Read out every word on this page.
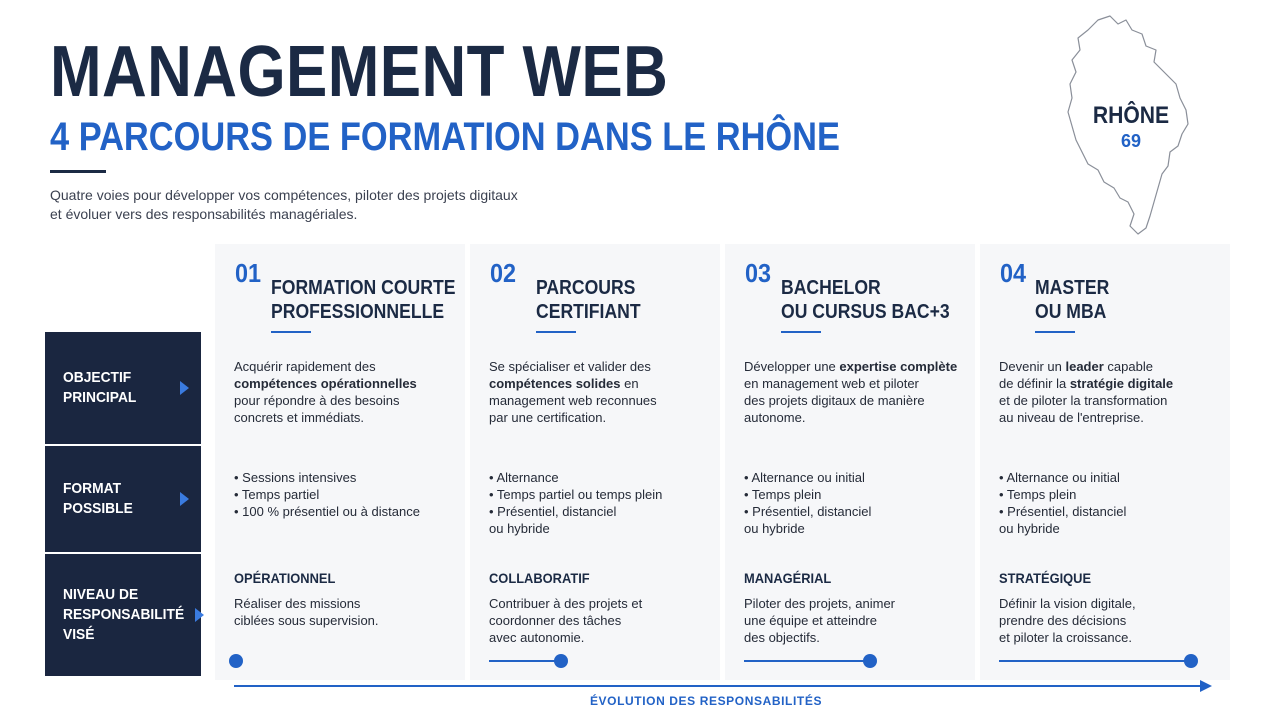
MANAGEMENT WEB
4 PARCOURS DE FORMATION DANS LE RHÔNE
Quatre voies pour développer vos compétences, piloter des projets digitaux
et évoluer vers des responsabilités managériales.
RHÔNE
69
OBJECTIF
PRINCIPAL
FORMAT
POSSIBLE
NIVEAU DE
RESPONSABILITÉ
VISÉ
01 FORMATION COURTE
PROFESSIONNELLE
Acquérir rapidement des
compétences opérationnelles
pour répondre à des besoins
concrets et immédiats.
• Sessions intensives
• Temps partiel
• 100 % présentiel ou à distance
OPÉRATIONNEL
Réaliser des missions
ciblées sous supervision.
02 PARCOURS
CERTIFIANT
Se spécialiser et valider des
compétences solides en
management web reconnues
par une certification.
• Alternance
• Temps partiel ou temps plein
• Présentiel, distanciel
ou hybride
COLLABORATIF
Contribuer à des projets et
coordonner des tâches
avec autonomie.
03 BACHELOR
OU CURSUS BAC+3
Développer une expertise complète
en management web et piloter
des projets digitaux de manière
autonome.
• Alternance ou initial
• Temps plein
• Présentiel, distanciel
ou hybride
MANAGÉRIAL
Piloter des projets, animer
une équipe et atteindre
des objectifs.
04 MASTER
OU MBA
Devenir un leader capable
de définir la stratégie digitale
et de piloter la transformation
au niveau de l'entreprise.
• Alternance ou initial
• Temps plein
• Présentiel, distanciel
ou hybride
STRATÉGIQUE
Définir la vision digitale,
prendre des décisions
et piloter la croissance.
ÉVOLUTION DES RESPONSABILITÉS
